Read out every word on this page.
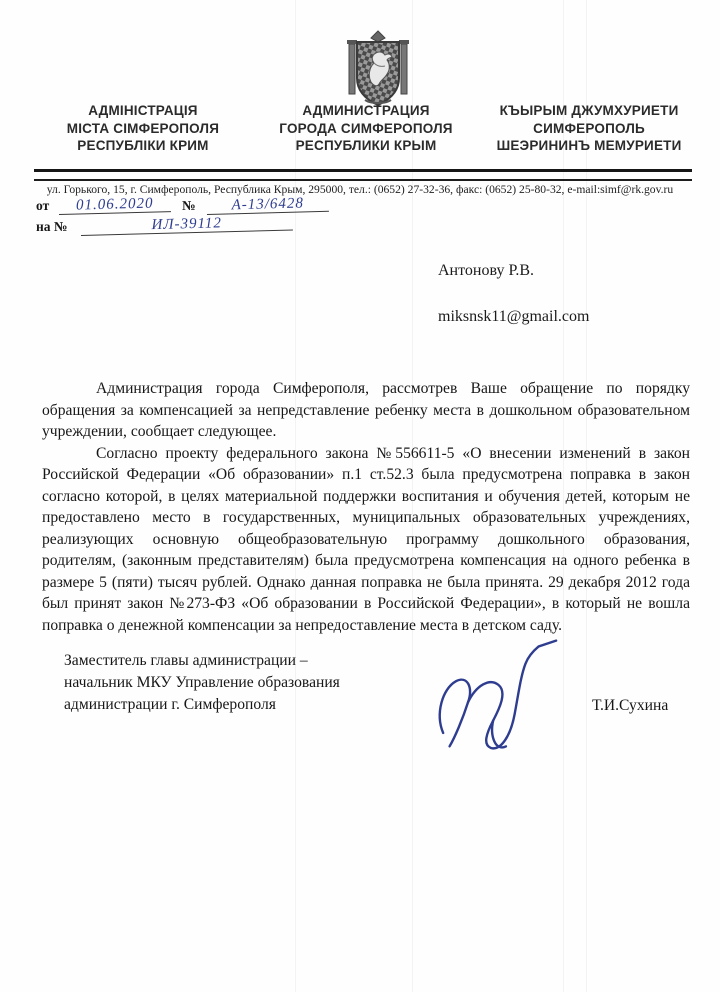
АДМІНІСТРАЦІЯ
МІСТА СІМФЕРОПОЛЯ
РЕСПУБЛІКИ КРИМ
АДМИНИСТРАЦИЯ
ГОРОДА СИМФЕРОПОЛЯ
РЕСПУБЛИКИ КРЫМ
КЪЫРЫМ ДЖУМХУРИЕТИ
СИМФЕРОПОЛЬ
ШЕЭРИНИНЪ МЕМУРИЕТИ
ул. Горького, 15, г. Симферополь, Республика Крым, 295000, тел.: (0652) 27-32-36, факс: (0652) 25-80-32, e-mail:simf@rk.gov.ru
от 01.06.2020 № А-13/6428
на №	ИЛ-39112
Антонову Р.В.
miksnsk11@gmail.com

Администрация города Симферополя, рассмотрев Ваше обращение по порядку обращения за компенсацией за непредставление ребенку места в дошкольном образовательном учреждении, сообщает следующее.

Согласно проекту федерального закона №556611-5 «О внесении изменений в закон Российской Федерации «Об образовании» п.1 ст.52.3 была предусмотрена поправка в закон согласно которой, в целях материальной поддержки воспитания и обучения детей, которым не предоставлено место в государственных, муниципальных образовательных учреждениях, реализующих основную общеобразовательную программу дошкольного образования, родителям, (законным представителям) была предусмотрена компенсация на одного ребенка в размере 5 (пяти) тысяч рублей. Однако данная поправка не была принята. 29 декабря 2012 года был принят закон №273-ФЗ «Об образовании в Российской Федерации», в который не вошла поправка о денежной компенсации за непредоставление места в детском саду.

Заместитель главы администрации –
начальник МКУ Управление образования
администрации г. Симферополя	Т.И.Сухина
